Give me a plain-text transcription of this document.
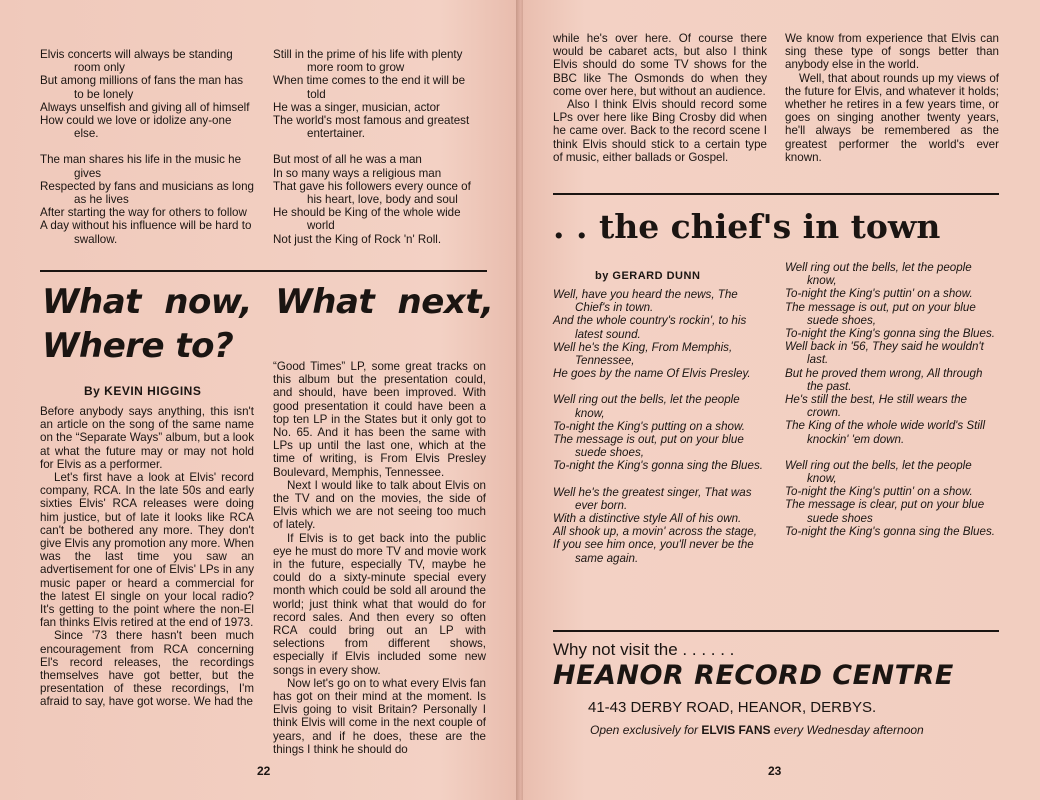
Elvis concerts will always be standing room only

But among millions of fans the man has to be lonely

Always unselfish and giving all of himself

How could we love or idolize any-one else.

The man shares his life in the music he gives

Respected by fans and musicians as long as he lives

After starting the way for others to follow

A day without his influence will be hard to swallow.

Still in the prime of his life with plenty more room to grow

When time comes to the end it will be told

He was a singer, musician, actor

The world's most famous and greatest entertainer.

But most of all he was a man

In so many ways a religious man

That gave his followers every ounce of his heart, love, body and soul

He should be King of the whole wide world

Not just the King of Rock 'n' Roll.

What now, What next,
Where to?

By KEVIN HIGGINS

Before anybody says anything, this isn't an article on the song of the same name on the “Separate Ways” album, but a look at what the future may or may not hold for Elvis as a performer.

Let's first have a look at Elvis' record company, RCA. In the late 50s and early sixties Elvis' RCA releases were doing him justice, but of late it looks like RCA can't be bothered any more. They don't give Elvis any promotion any more. When was the last time you saw an advertisement for one of Elvis' LPs in any music paper or heard a commercial for the latest El single on your local radio? It's getting to the point where the non-El fan thinks Elvis retired at the end of 1973.

Since '73 there hasn't been much encouragement from RCA concerning El's record releases, the recordings themselves have got better, but the presentation of these recordings, I'm afraid to say, have got worse. We had the

“Good Times” LP, some great tracks on this album but the presentation could, and should, have been improved. With good presentation it could have been a top ten LP in the States but it only got to No. 65. And it has been the same with LPs up until the last one, which at the time of writing, is From Elvis Presley Boulevard, Memphis, Tennessee.

Next I would like to talk about Elvis on the TV and on the movies, the side of Elvis which we are not seeing too much of lately.

If Elvis is to get back into the public eye he must do more TV and movie work in the future, especially TV, maybe he could do a sixty-minute special every month which could be sold all around the world; just think what that would do for record sales. And then every so often RCA could bring out an LP with selections from different shows, especially if Elvis included some new songs in every show.

Now let's go on to what every Elvis fan has got on their mind at the moment. Is Elvis going to visit Britain? Personally I think Elvis will come in the next couple of years, and if he does, these are the things I think he should do

22

while he's over here. Of course there would be cabaret acts, but also I think Elvis should do some TV shows for the BBC like The Osmonds do when they come over here, but without an audience.

Also I think Elvis should record some LPs over here like Bing Crosby did when he came over. Back to the record scene I think Elvis should stick to a certain type of music, either ballads or Gospel.

We know from experience that Elvis can sing these type of songs better than anybody else in the world.

Well, that about rounds up my views of the future for Elvis, and whatever it holds; whether he retires in a few years time, or goes on singing another twenty years, he'll always be remembered as the greatest performer the world's ever known.

. . the chief's in town

by GERARD DUNN

Well, have you heard the news, The Chief's in town.

And the whole country's rockin', to his latest sound.

Well he's the King, From Memphis, Tennessee,

He goes by the name Of Elvis Presley.

Well ring out the bells, let the people know,

To-night the King's putting on a show.

The message is out, put on your blue suede shoes,

To-night the King's gonna sing the Blues.

Well he's the greatest singer, That was ever born.

With a distinctive style All of his own.

All shook up, a movin' across the stage,

If you see him once, you'll never be the same again.

Well ring out the bells, let the people know,

To-night the King's puttin' on a show.

The message is out, put on your blue suede shoes,

To-night the King's gonna sing the Blues.

Well back in '56, They said he wouldn't last.

But he proved them wrong, All through the past.

He's still the best, He still wears the crown.

The King of the whole wide world's Still knockin' 'em down.

Well ring out the bells, let the people know,

To-night the King's puttin' on a show.

The message is clear, put on your blue suede shoes

To-night the King's gonna sing the Blues.

Why not visit the . . . . . .
HEANOR RECORD CENTRE
41-43 DERBY ROAD, HEANOR, DERBYS.
Open exclusively for ELVIS FANS every Wednesday afternoon
23
